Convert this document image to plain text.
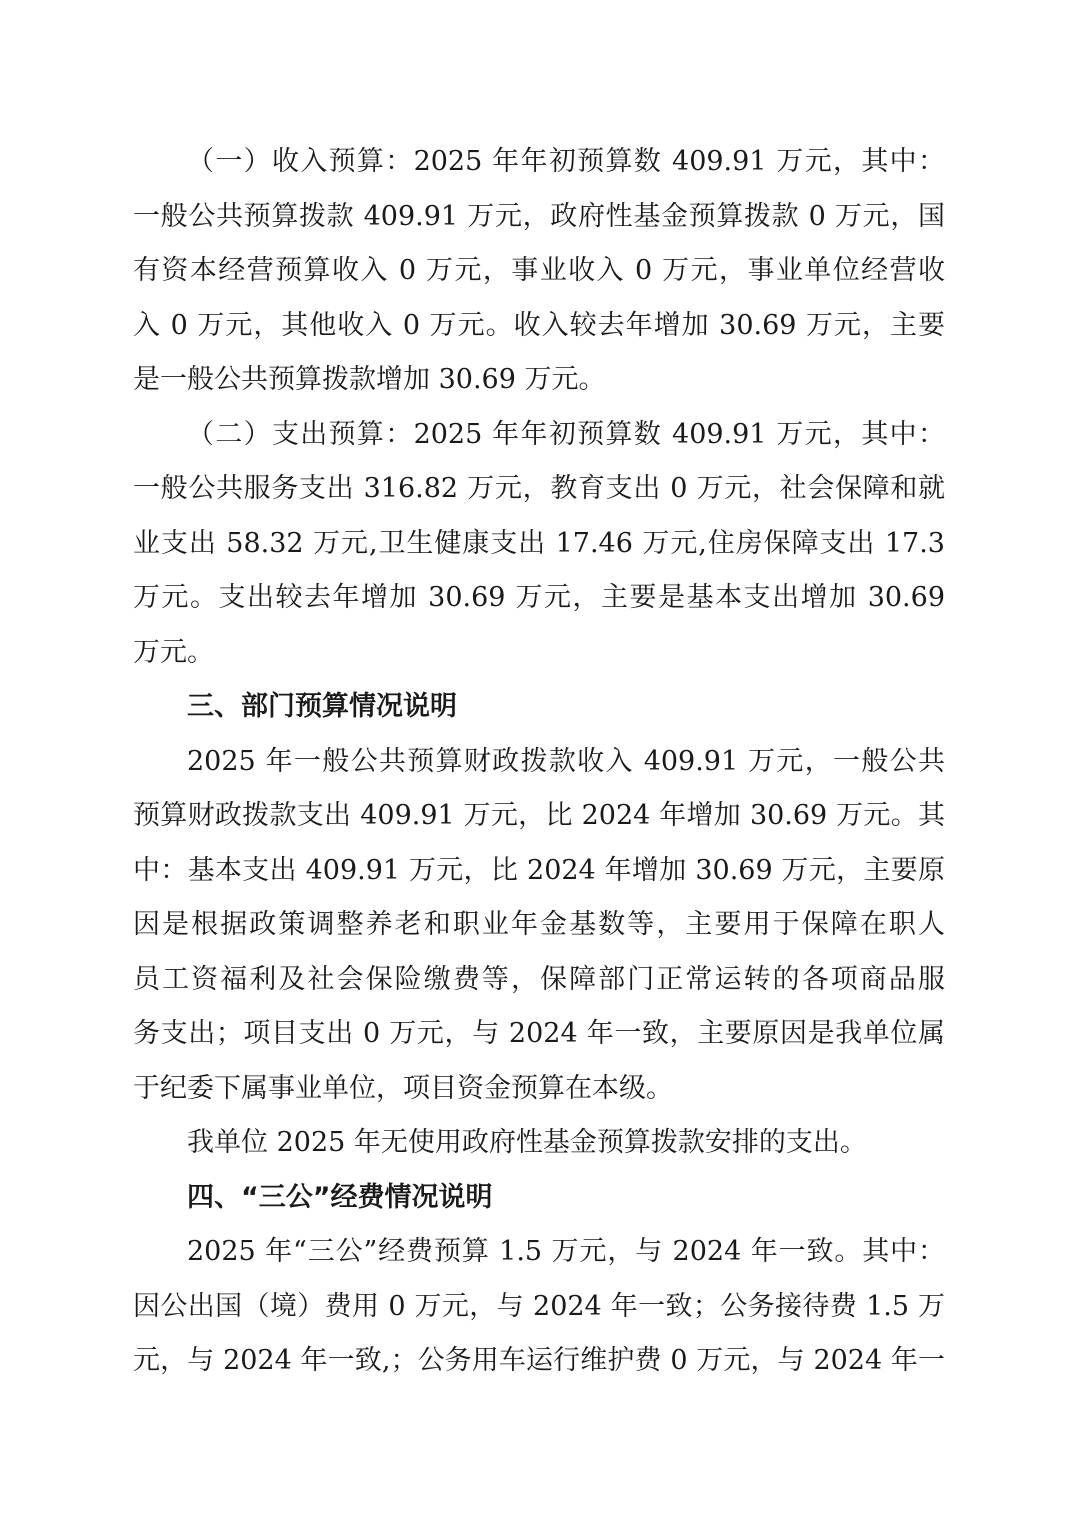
（一）收入预算：2025 年年初预算数 409.91 万元，其中：
一般公共预算拨款 409.91 万元，政府性基金预算拨款 0 万元，国
有资本经营预算收入 0 万元，事业收入 0 万元，事业单位经营收
入 0 万元，其他收入 0 万元。收入较去年增加 30.69 万元，主要
是一般公共预算拨款增加 30.69 万元。
（二）支出预算：2025 年年初预算数 409.91 万元，其中：
一般公共服务支出 316.82 万元，教育支出 0 万元，社会保障和就
业支出 58.32 万元,卫生健康支出 17.46 万元,住房保障支出 17.3
万元。支出较去年增加 30.69 万元，主要是基本支出增加 30.69
万元。
三、部门预算情况说明
2025 年一般公共预算财政拨款收入 409.91 万元，一般公共
预算财政拨款支出 409.91 万元，比 2024 年增加 30.69 万元。其
中：基本支出 409.91 万元，比 2024 年增加 30.69 万元，主要原
因是根据政策调整养老和职业年金基数等，主要用于保障在职人
员工资福利及社会保险缴费等，保障部门正常运转的各项商品服
务支出；项目支出 0 万元，与 2024 年一致，主要原因是我单位属
于纪委下属事业单位，项目资金预算在本级。
我单位 2025 年无使用政府性基金预算拨款安排的支出。
四、“三公”经费情况说明
2025 年“三公”经费预算 1.5 万元，与 2024 年一致。其中：
因公出国（境）费用 0 万元，与 2024 年一致；公务接待费 1.5 万
元，与 2024 年一致,；公务用车运行维护费 0 万元，与 2024 年一
